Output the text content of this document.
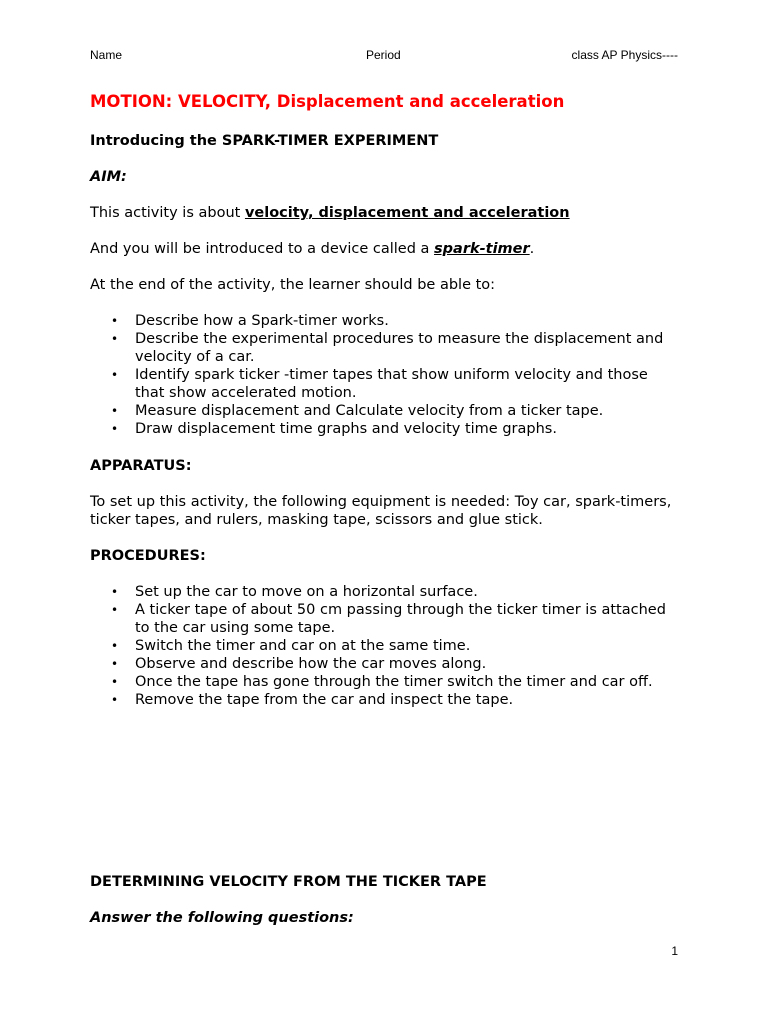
Name	Period	class AP Physics----
MOTION: VELOCITY, Displacement and acceleration
Introducing the SPARK-TIMER EXPERIMENT
AIM:
This activity is about velocity, displacement and acceleration
And you will be introduced to a device called a spark-timer.
At the end of the activity, the learner should be able to:
• Describe how a Spark-timer works.
• Describe the experimental procedures to measure the displacement and velocity of a car.
• Identify spark ticker -timer tapes that show uniform velocity and those that show accelerated motion.
• Measure displacement and Calculate velocity from a ticker tape.
• Draw displacement time graphs and velocity time graphs.
APPARATUS:
To set up this activity, the following equipment is needed: Toy car, spark-timers, ticker tapes, and rulers, masking tape, scissors and glue stick.
PROCEDURES:
• Set up the car to move on a horizontal surface.
• A ticker tape of about 50 cm passing through the ticker timer is attached to the car using some tape.
• Switch the timer and car on at the same time.
• Observe and describe how the car moves along.
• Once the tape has gone through the timer switch the timer and car off.
• Remove the tape from the car and inspect the tape.
DETERMINING VELOCITY FROM THE TICKER TAPE
Answer the following questions:
1
